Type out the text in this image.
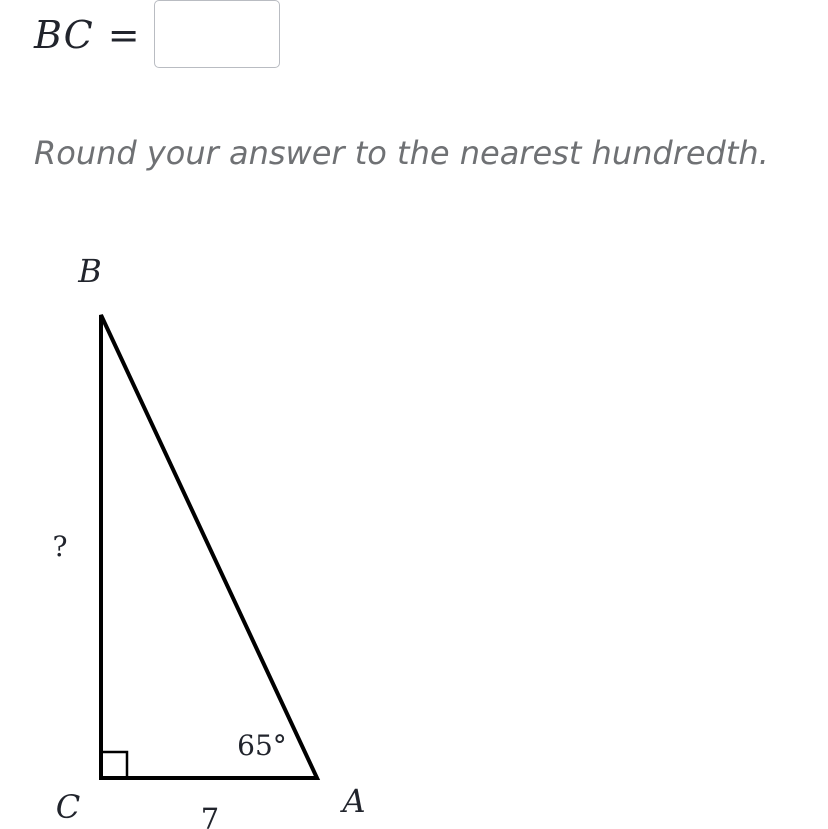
BC =
Round your answer to the nearest hundredth.
B
C	A
?
7
65°
